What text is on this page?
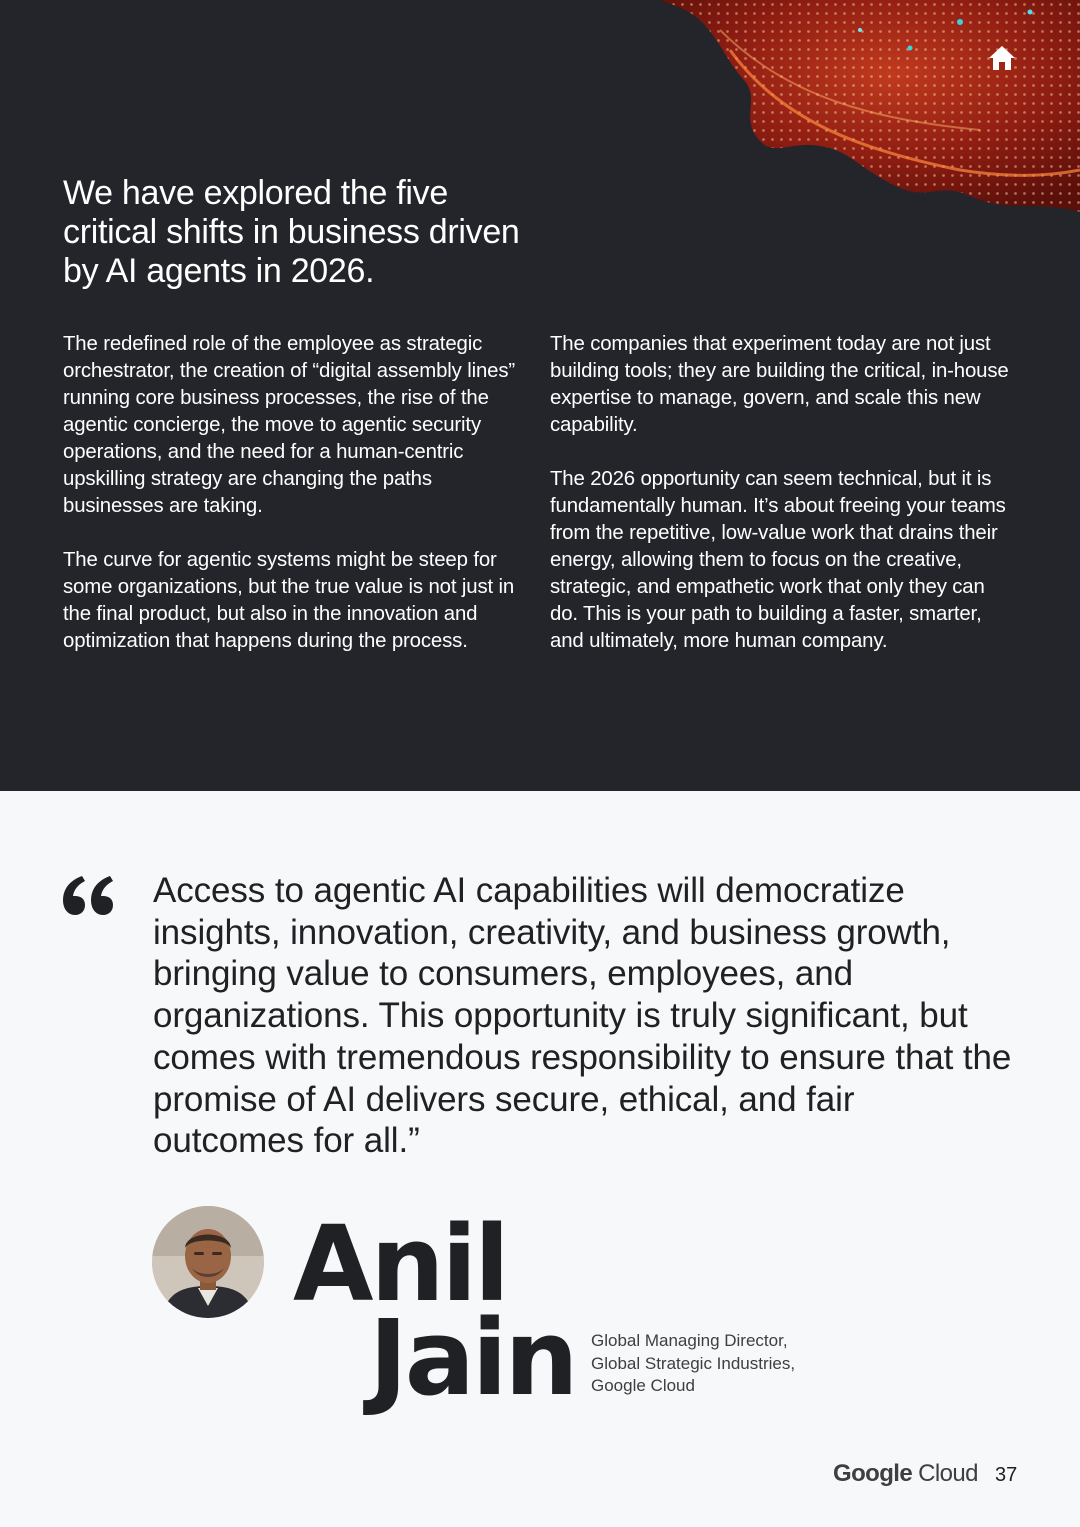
We have explored the five critical shifts in business driven by AI agents in 2026.

The redefined role of the employee as strategic orchestrator, the creation of “digital assembly lines” running core business processes, the rise of the agentic concierge, the move to agentic security operations, and the need for a human-centric upskilling strategy are changing the paths businesses are taking.

The curve for agentic systems might be steep for some organizations, but the true value is not just in the final product, but also in the innovation and optimization that happens during the process.

The companies that experiment today are not just building tools; they are building the critical, in-house expertise to manage, govern, and scale this new capability.

The 2026 opportunity can seem technical, but it is fundamentally human. It’s about freeing your teams from the repetitive, low-value work that drains their energy, allowing them to focus on the creative, strategic, and empathetic work that only they can do. This is your path to building a faster, smarter, and ultimately, more human company.

Access to agentic AI capabilities will democratize insights, innovation, creativity, and business growth, bringing value to consumers, employees, and organizations. This opportunity is truly significant, but comes with tremendous responsibility to ensure that the promise of AI delivers secure, ethical, and fair outcomes for all.”

Anil
Jain Global Managing Director,
Global Strategic Industries,
Google Cloud
Google Cloud 37
